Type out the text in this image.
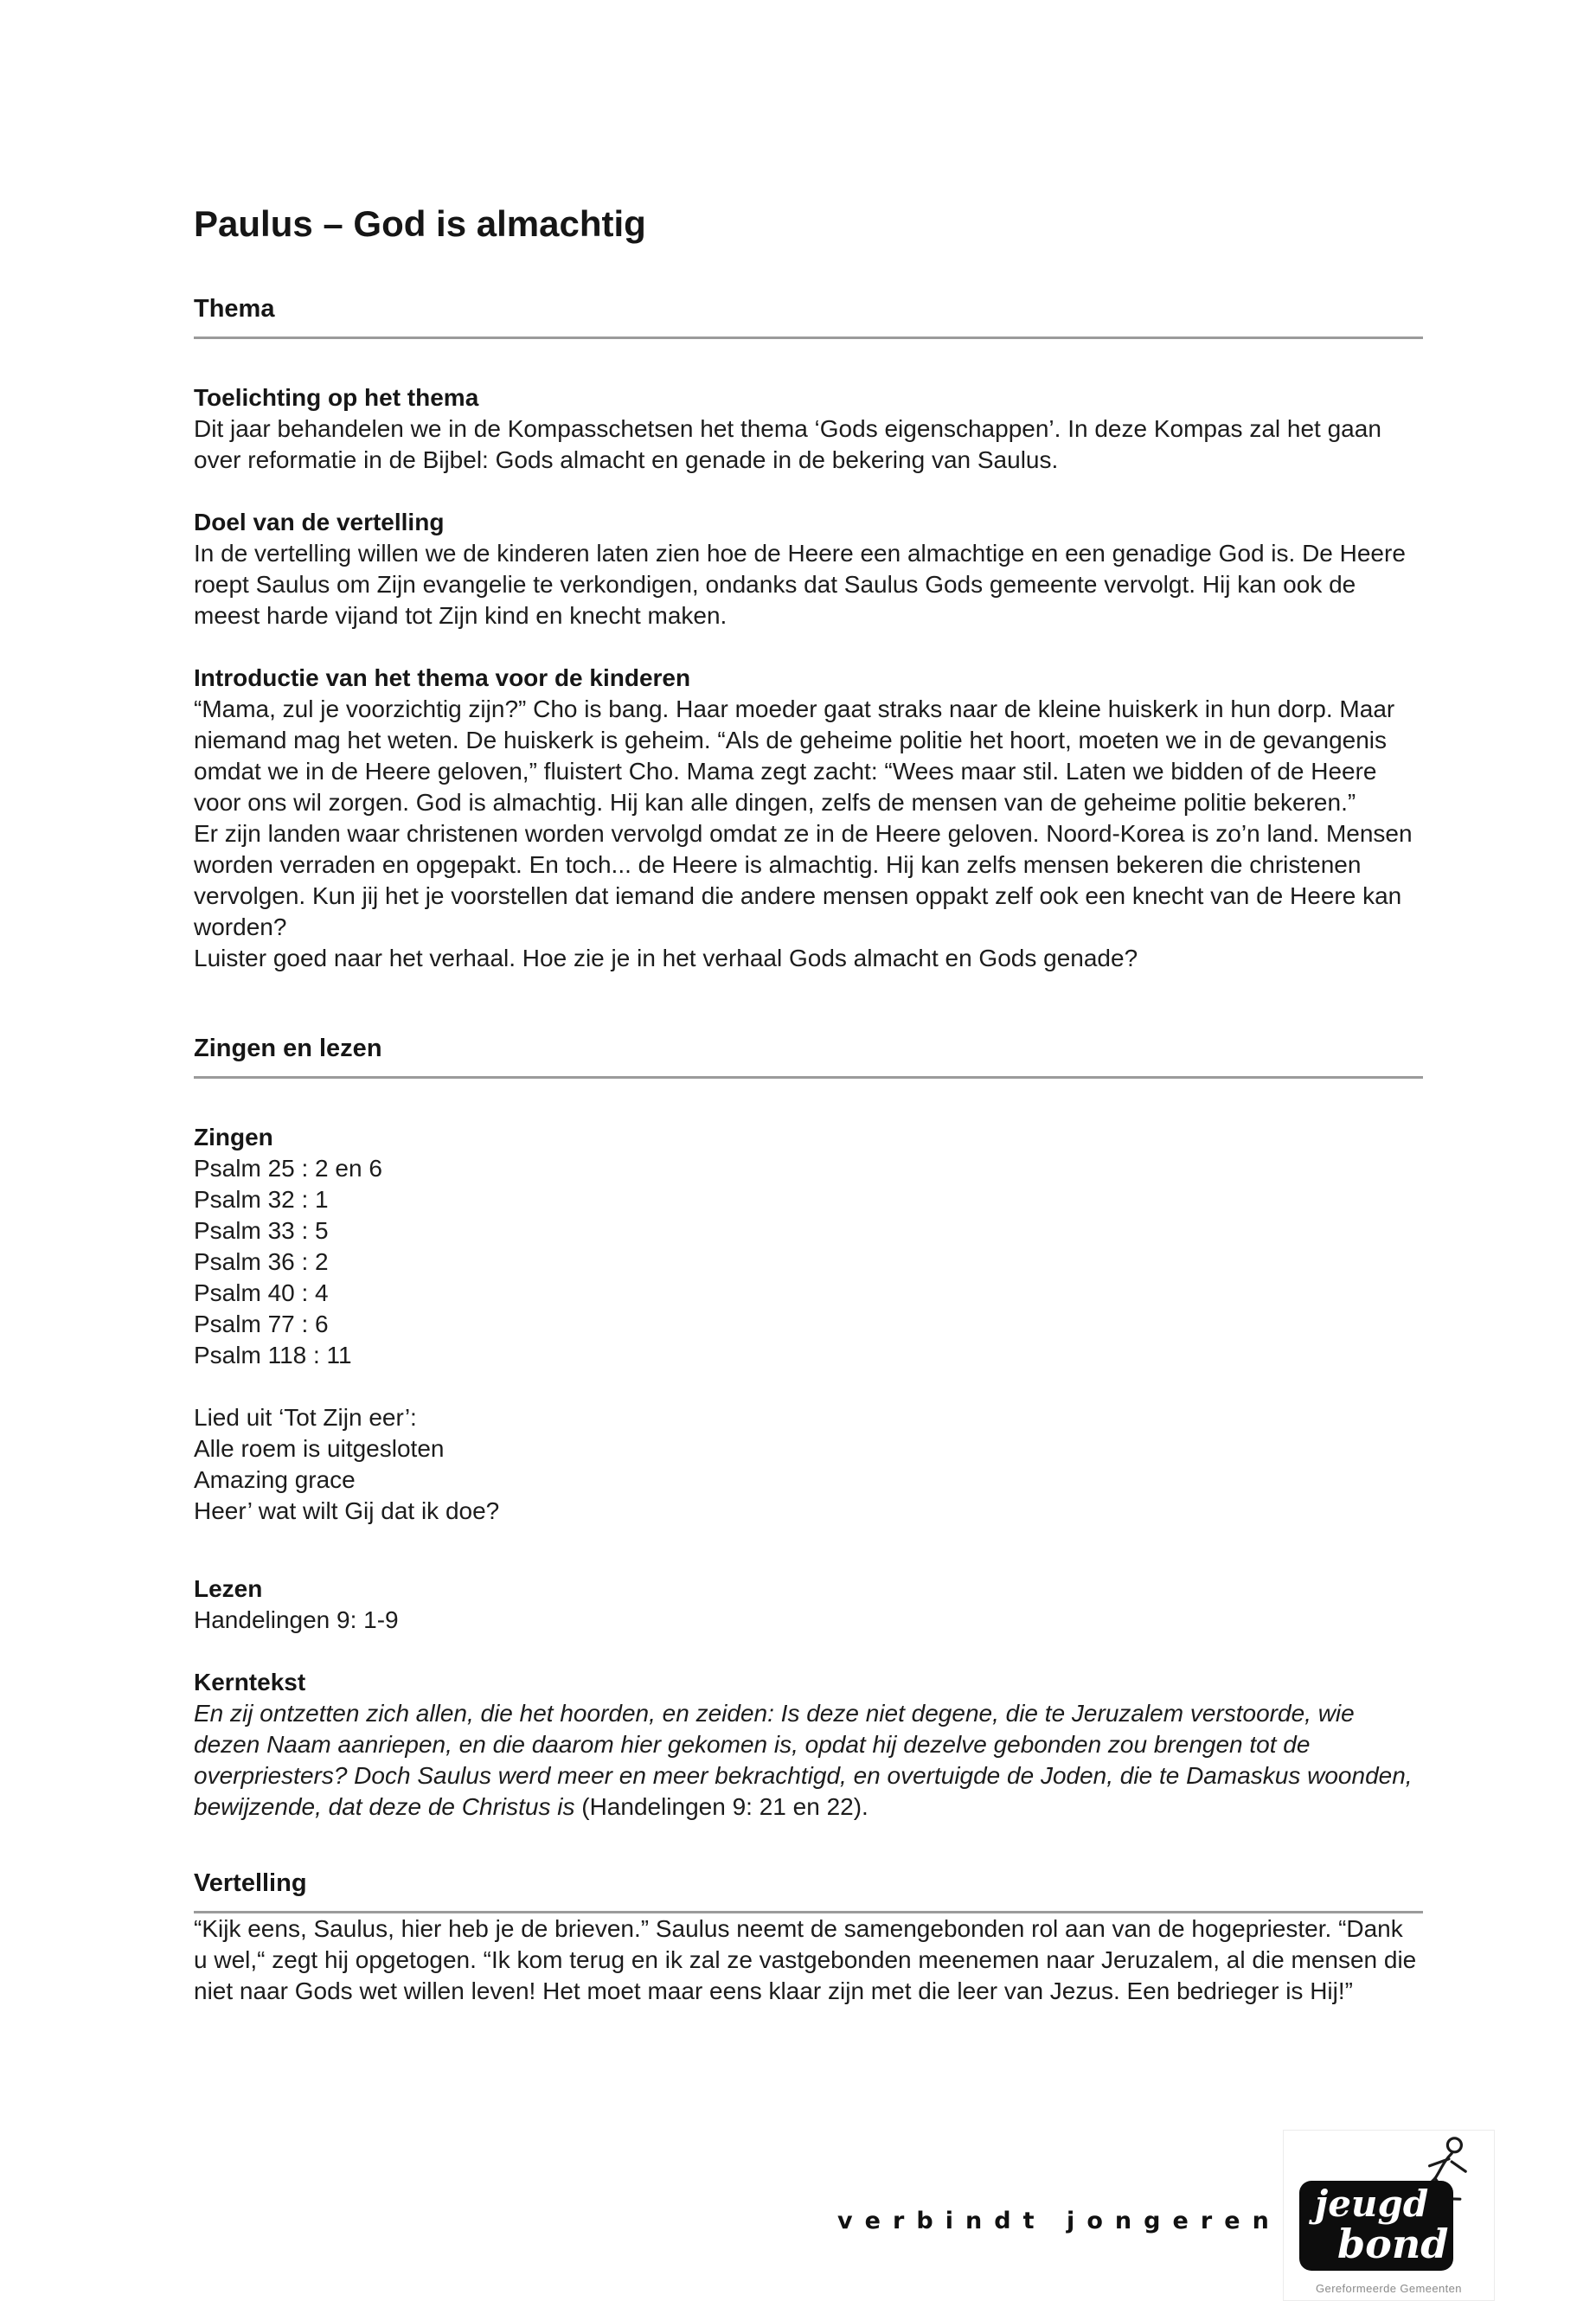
Paulus – God is almachtig
Thema
Toelichting op het thema

Dit jaar behandelen we in de Kompasschetsen het thema ‘Gods eigenschappen’. In deze Kompas zal het gaan over reformatie in de Bijbel: Gods almacht en genade in de bekering van Saulus.

Doel van de vertelling

In de vertelling willen we de kinderen laten zien hoe de Heere een almachtige en een genadige God is. De Heere roept Saulus om Zijn evangelie te verkondigen, ondanks dat Saulus Gods gemeente vervolgt. Hij kan ook de meest harde vijand tot Zijn kind en knecht maken.

Introductie van het thema voor de kinderen

“Mama, zul je voorzichtig zijn?” Cho is bang. Haar moeder gaat straks naar de kleine huiskerk in hun dorp. Maar niemand mag het weten. De huiskerk is geheim. “Als de geheime politie het hoort, moeten we in de gevangenis omdat we in de Heere geloven,” fluistert Cho. Mama zegt zacht: “Wees maar stil. Laten we bidden of de Heere voor ons wil zorgen. God is almachtig. Hij kan alle dingen, zelfs de mensen van de geheime politie bekeren.”

Er zijn landen waar christenen worden vervolgd omdat ze in de Heere geloven. Noord-Korea is zo’n land. Mensen worden verraden en opgepakt. En toch... de Heere is almachtig. Hij kan zelfs mensen bekeren die christenen vervolgen. Kun jij het je voorstellen dat iemand die andere mensen oppakt zelf ook een knecht van de Heere kan worden?

Luister goed naar het verhaal. Hoe zie je in het verhaal Gods almacht en Gods genade?

Zingen en lezen
Zingen
Psalm 25 : 2 en 6
Psalm 32 : 1
Psalm 33 : 5
Psalm 36 : 2
Psalm 40 : 4
Psalm 77 : 6
Psalm 118 : 11
Lied uit ‘Tot Zijn eer’:
Alle roem is uitgesloten
Amazing grace
Heer’ wat wilt Gij dat ik doe?
Lezen
Handelingen 9: 1-9
Kerntekst

En zij ontzetten zich allen, die het hoorden, en zeiden: Is deze niet degene, die te Jeruzalem verstoorde, wie dezen Naam aanriepen, en die daarom hier gekomen is, opdat hij dezelve gebonden zou brengen tot de overpriesters? Doch Saulus werd meer en meer bekrachtigd, en overtuigde de Joden, die te Damaskus woonden, bewijzende, dat deze de Christus is (Handelingen 9: 21 en 22).

Vertelling

“Kijk eens, Saulus, hier heb je de brieven.” Saulus neemt de samengebonden rol aan van de hogepriester. “Dank u wel,“ zegt hij opgetogen. “Ik kom terug en ik zal ze vastgebonden meenemen naar Jeruzalem, al die mensen die niet naar Gods wet willen leven! Het moet maar eens klaar zijn met die leer van Jezus. Een bedrieger is Hij!”

verbindt jongeren jeugd
bond
Gereformeerde Gemeenten
